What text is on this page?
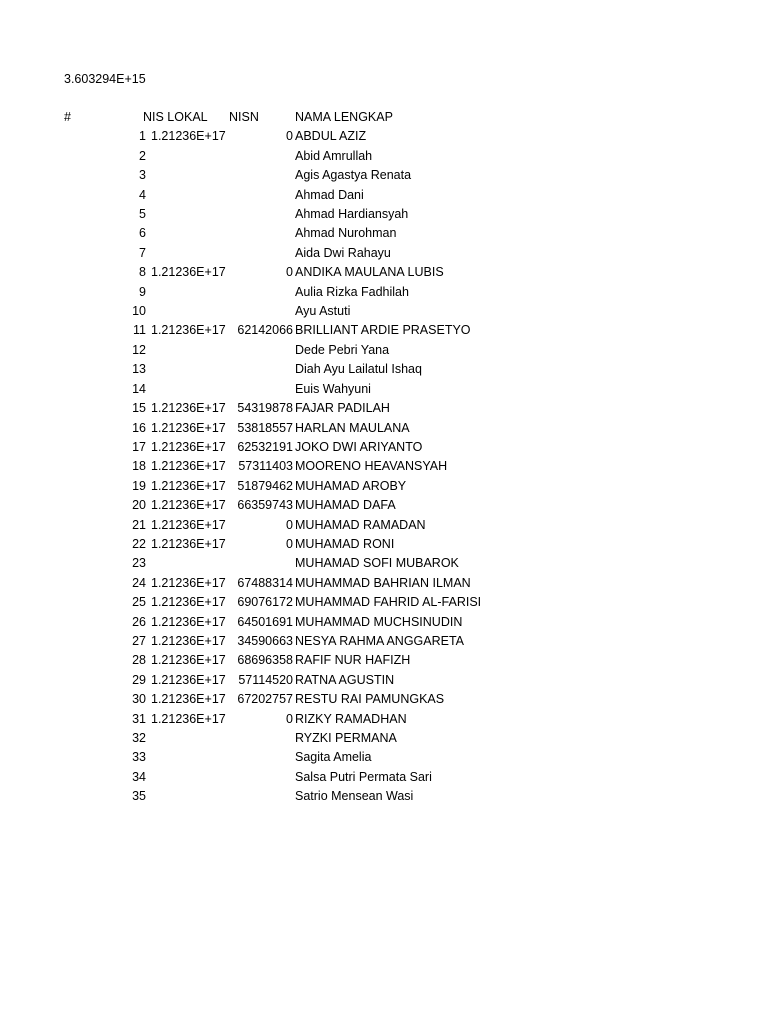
3.603294E+15
#	NIS LOKAL	NISN	NAMA LENGKAP
1	1.21236E+17	0	ABDUL AZIZ
2			Abid Amrullah
3			Agis Agastya Renata
4			Ahmad Dani
5			Ahmad Hardiansyah
6			Ahmad Nurohman
7			Aida Dwi Rahayu
8	1.21236E+17	0	ANDIKA MAULANA LUBIS
9			Aulia Rizka Fadhilah
10			Ayu Astuti
11	1.21236E+17	62142066	BRILLIANT ARDIE PRASETYO
12			Dede Pebri Yana
13			Diah Ayu Lailatul Ishaq
14			Euis Wahyuni
15	1.21236E+17	54319878	FAJAR PADILAH
16	1.21236E+17	53818557	HARLAN MAULANA
17	1.21236E+17	62532191	JOKO DWI ARIYANTO
18	1.21236E+17	57311403	MOORENO HEAVANSYAH
19	1.21236E+17	51879462	MUHAMAD AROBY
20	1.21236E+17	66359743	MUHAMAD DAFA
21	1.21236E+17	0	MUHAMAD RAMADAN
22	1.21236E+17	0	MUHAMAD RONI
23			MUHAMAD SOFI MUBAROK
24	1.21236E+17	67488314	MUHAMMAD BAHRIAN ILMAN
25	1.21236E+17	69076172	MUHAMMAD FAHRID AL-FARISI
26	1.21236E+17	64501691	MUHAMMAD MUCHSINUDIN
27	1.21236E+17	34590663	NESYA RAHMA ANGGARETA
28	1.21236E+17	68696358	RAFIF NUR HAFIZH
29	1.21236E+17	57114520	RATNA AGUSTIN
30	1.21236E+17	67202757	RESTU RAI PAMUNGKAS
31	1.21236E+17	0	RIZKY RAMADHAN
32			RYZKI PERMANA
33			Sagita Amelia
34			Salsa Putri Permata Sari
35			Satrio Mensean Wasi
